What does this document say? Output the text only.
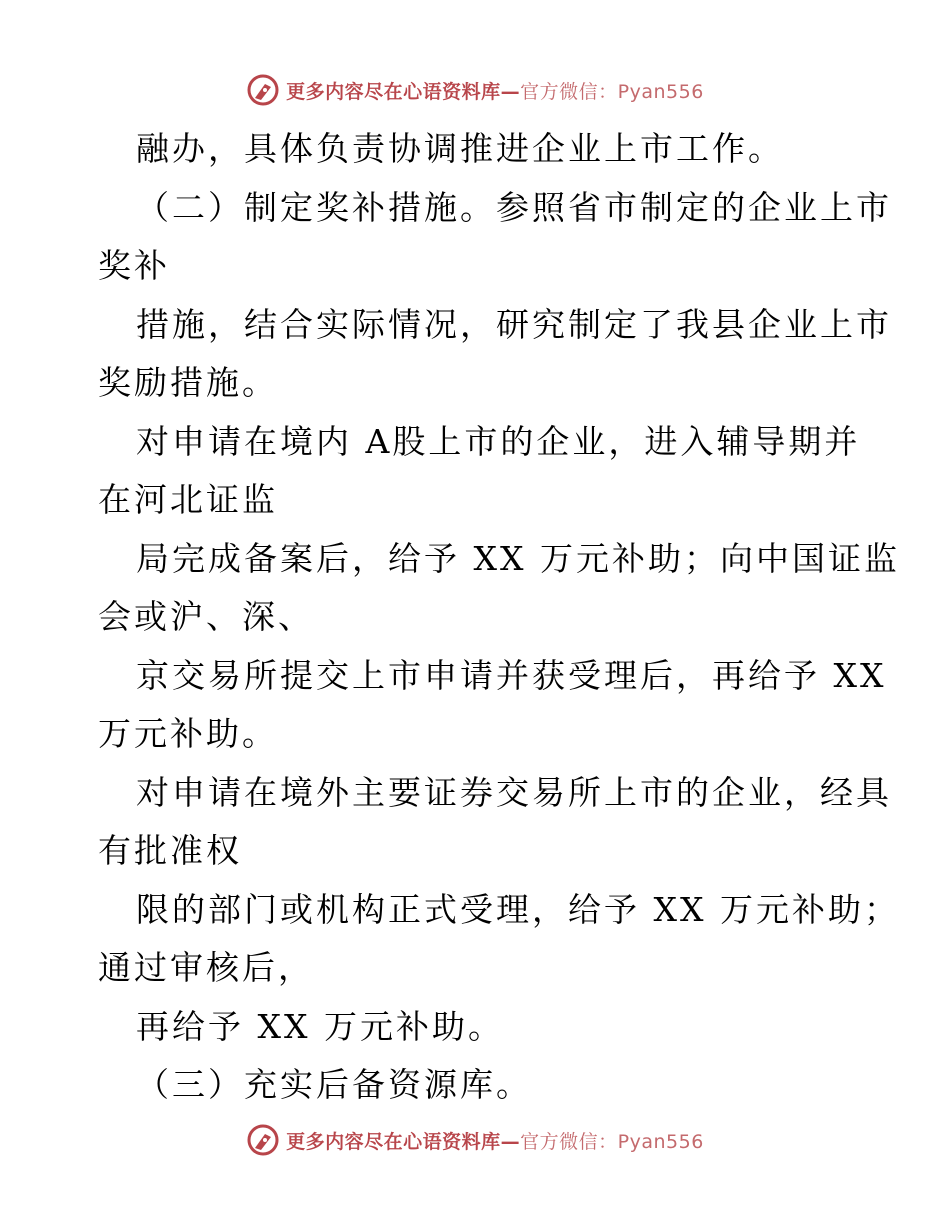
更多内容尽在心语资料库—官方微信：Pyan556
融办，具体负责协调推进企业上市工作。
（二）制定奖补措施。参照省市制定的企业上市
奖补
措施，结合实际情况，研究制定了我县企业上市
奖励措施。
对申请在境内 A股上市的企业，进入辅导期并
在河北证监
局完成备案后，给予 XX 万元补助；向中国证监
会或沪、深、
京交易所提交上市申请并获受理后，再给予 XX
万元补助。
对申请在境外主要证券交易所上市的企业，经具
有批准权
限的部门或机构正式受理，给予 XX 万元补助；
通过审核后，
再给予 XX 万元补助。
（三）充实后备资源库。
更多内容尽在心语资料库—官方微信：Pyan556
